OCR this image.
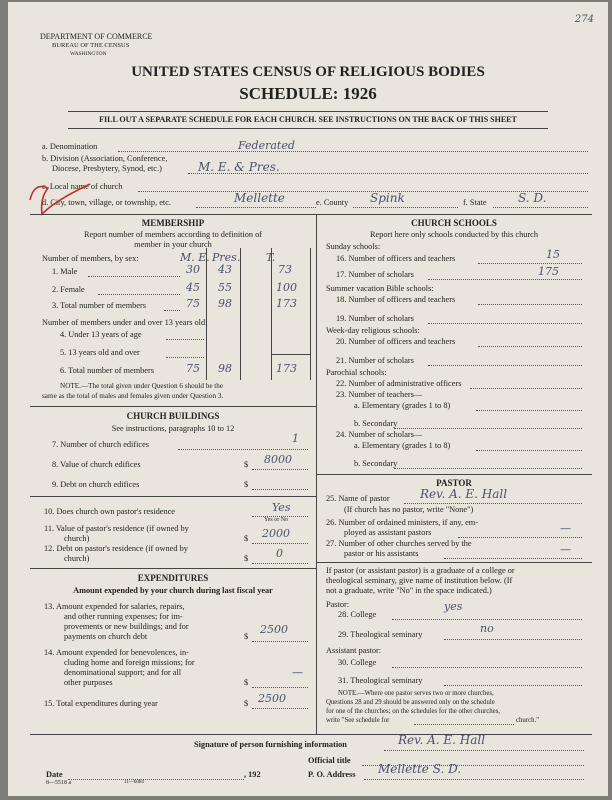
274
DEPARTMENT OF COMMERCE
BUREAU OF THE CENSUS
WASHINGTON
UNITED STATES CENSUS OF RELIGIOUS BODIES
SCHEDULE: 1926
FILL OUT A SEPARATE SCHEDULE FOR EACH CHURCH. SEE INSTRUCTIONS ON THE BACK OF THIS SHEET
a. Denomination	Federated
b. Division (Association, Conference,
Diocese, Presbytery, Synod, etc.)	M. E. & Pres.
c. Local name of church
d. City, town, village, or township, etc.	Mellette	e. County Spink	f. State	S. D.
MEMBERSHIP
Report number of members according to definition of
member in your church
Number of members, by sex:	M. E. Pres. T.
1. Male	30 43	73
2. Female	45 55	100
3. Total number of members	75 98	173
Number of members under and over 13 years old:
4. Under 13 years of age
5. 13 years old and over
6. Total number of members	75 98	173
NOTE.—The total given under Question 6 should be the
same as the total of males and females given under Question 3.
CHURCH BUILDINGS
See instructions, paragraphs 10 to 12
7. Number of church edifices	1
8. Value of church edifices	$ 8000
9. Debt on church edifices	$
10. Does church own pastor's residence	Yes
Yes or No
11. Value of pastor's residence (if owned by
church)	$ 2000
12. Debt on pastor's residence (if owned by
church)	$	0
EXPENDITURES
Amount expended by your church during last fiscal year
13. Amount expended for salaries, repairs,
and other running expenses; for im-
provements or new buildings; and for
payments on church debt	$
2500
14. Amount expended for benevolences, in-
cluding home and foreign missions; for
denominational support; and for all
other purposes	$
—
15. Total expenditures during year	$ 2500
CHURCH SCHOOLS
Report here only schools conducted by this church
Sunday schools:
16. Number of officers and teachers	15
17. Number of scholars	175
Summer vacation Bible schools:
18. Number of officers and teachers
19. Number of scholars
Week-day religious schools:
20. Number of officers and teachers
21. Number of scholars
Parochial schools:
22. Number of administrative officers
23. Number of teachers—
a. Elementary (grades 1 to 8)
b. Secondary
24. Number of scholars—
a. Elementary (grades 1 to 8)
b. Secondary
PASTOR
25. Name of pastor	Rev. A. E. Hall
(If church has no pastor, write "None")
26. Number of ordained ministers, if any, em-
ployed as assistant pastors	—
27. Number of other churches served by the
pastor or his assistants	—
If pastor (or assistant pastor) is a graduate of a college or
theological seminary, give name of institution below. (If
not a graduate, write "No" in the space indicated.)
Pastor:
28. College
yes
29. Theological seminary	no
Assistant pastor:
30. College
31. Theological seminary
NOTE.—Where one pastor serves two or more churches,
Questions 28 and 29 should be answered only on the schedule
for one of the churches; on the schedules for the other churches,
write "See schedule for	church."
Signature of person furnishing information	Rev. A. E. Hall
Official title
Date	, 192	P. O. Address Mellette S. D.
8—5518 a	11—6084
